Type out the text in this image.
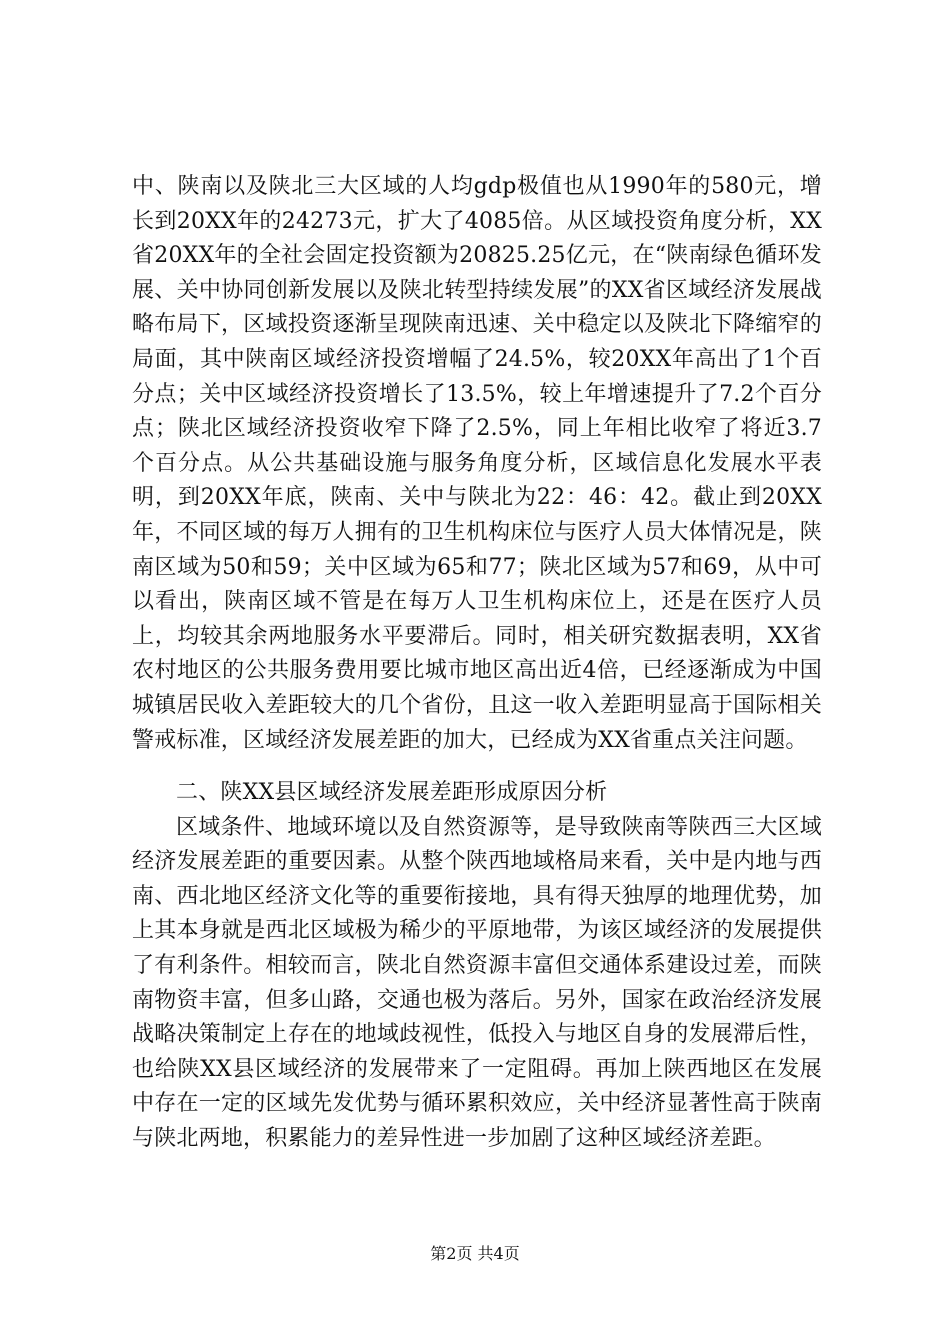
中、陕南以及陕北三大区域的人均gdp极值也从1990年的580元，增长到20XX年的24273元，扩大了4085倍。从区域投资角度分析，XX省20XX年的全社会固定投资额为20825.25亿元，在“陕南绿色循环发展、关中协同创新发展以及陕北转型持续发展”的XX省区域经济发展战略布局下，区域投资逐渐呈现陕南迅速、关中稳定以及陕北下降缩窄的局面，其中陕南区域经济投资增幅了24.5%，较20XX年高出了1个百分点；关中区域经济投资增长了13.5%，较上年增速提升了7.2个百分点；陕北区域经济投资收窄下降了2.5%，同上年相比收窄了将近3.7个百分点。从公共基础设施与服务角度分析，区域信息化发展水平表明，到20XX年底，陕南、关中与陕北为22：46：42。截止到20XX年，不同区域的每万人拥有的卫生机构床位与医疗人员大体情况是，陕南区域为50和59；关中区域为65和77；陕北区域为57和69，从中可以看出，陕南区域不管是在每万人卫生机构床位上，还是在医疗人员上，均较其余两地服务水平要滞后。同时，相关研究数据表明，XX省农村地区的公共服务费用要比城市地区高出近4倍，已经逐渐成为中国城镇居民收入差距较大的几个省份，且这一收入差距明显高于国际相关警戒标准，区域经济发展差距的加大，已经成为XX省重点关注问题。

二、陕XX县区域经济发展差距形成原因分析

区域条件、地域环境以及自然资源等，是导致陕南等陕西三大区域经济发展差距的重要因素。从整个陕西地域格局来看，关中是内地与西南、西北地区经济文化等的重要衔接地，具有得天独厚的地理优势，加上其本身就是西北区域极为稀少的平原地带，为该区域经济的发展提供了有利条件。相较而言，陕北自然资源丰富但交通体系建设过差，而陕南物资丰富，但多山路，交通也极为落后。另外，国家在政治经济发展战略决策制定上存在的地域歧视性，低投入与地区自身的发展滞后性，也给陕XX县区域经济的发展带来了一定阻碍。再加上陕西地区在发展中存在一定的区域先发优势与循环累积效应，关中经济显著性高于陕南与陕北两地，积累能力的差异性进一步加剧了这种区域经济差距。

第2页 共4页
